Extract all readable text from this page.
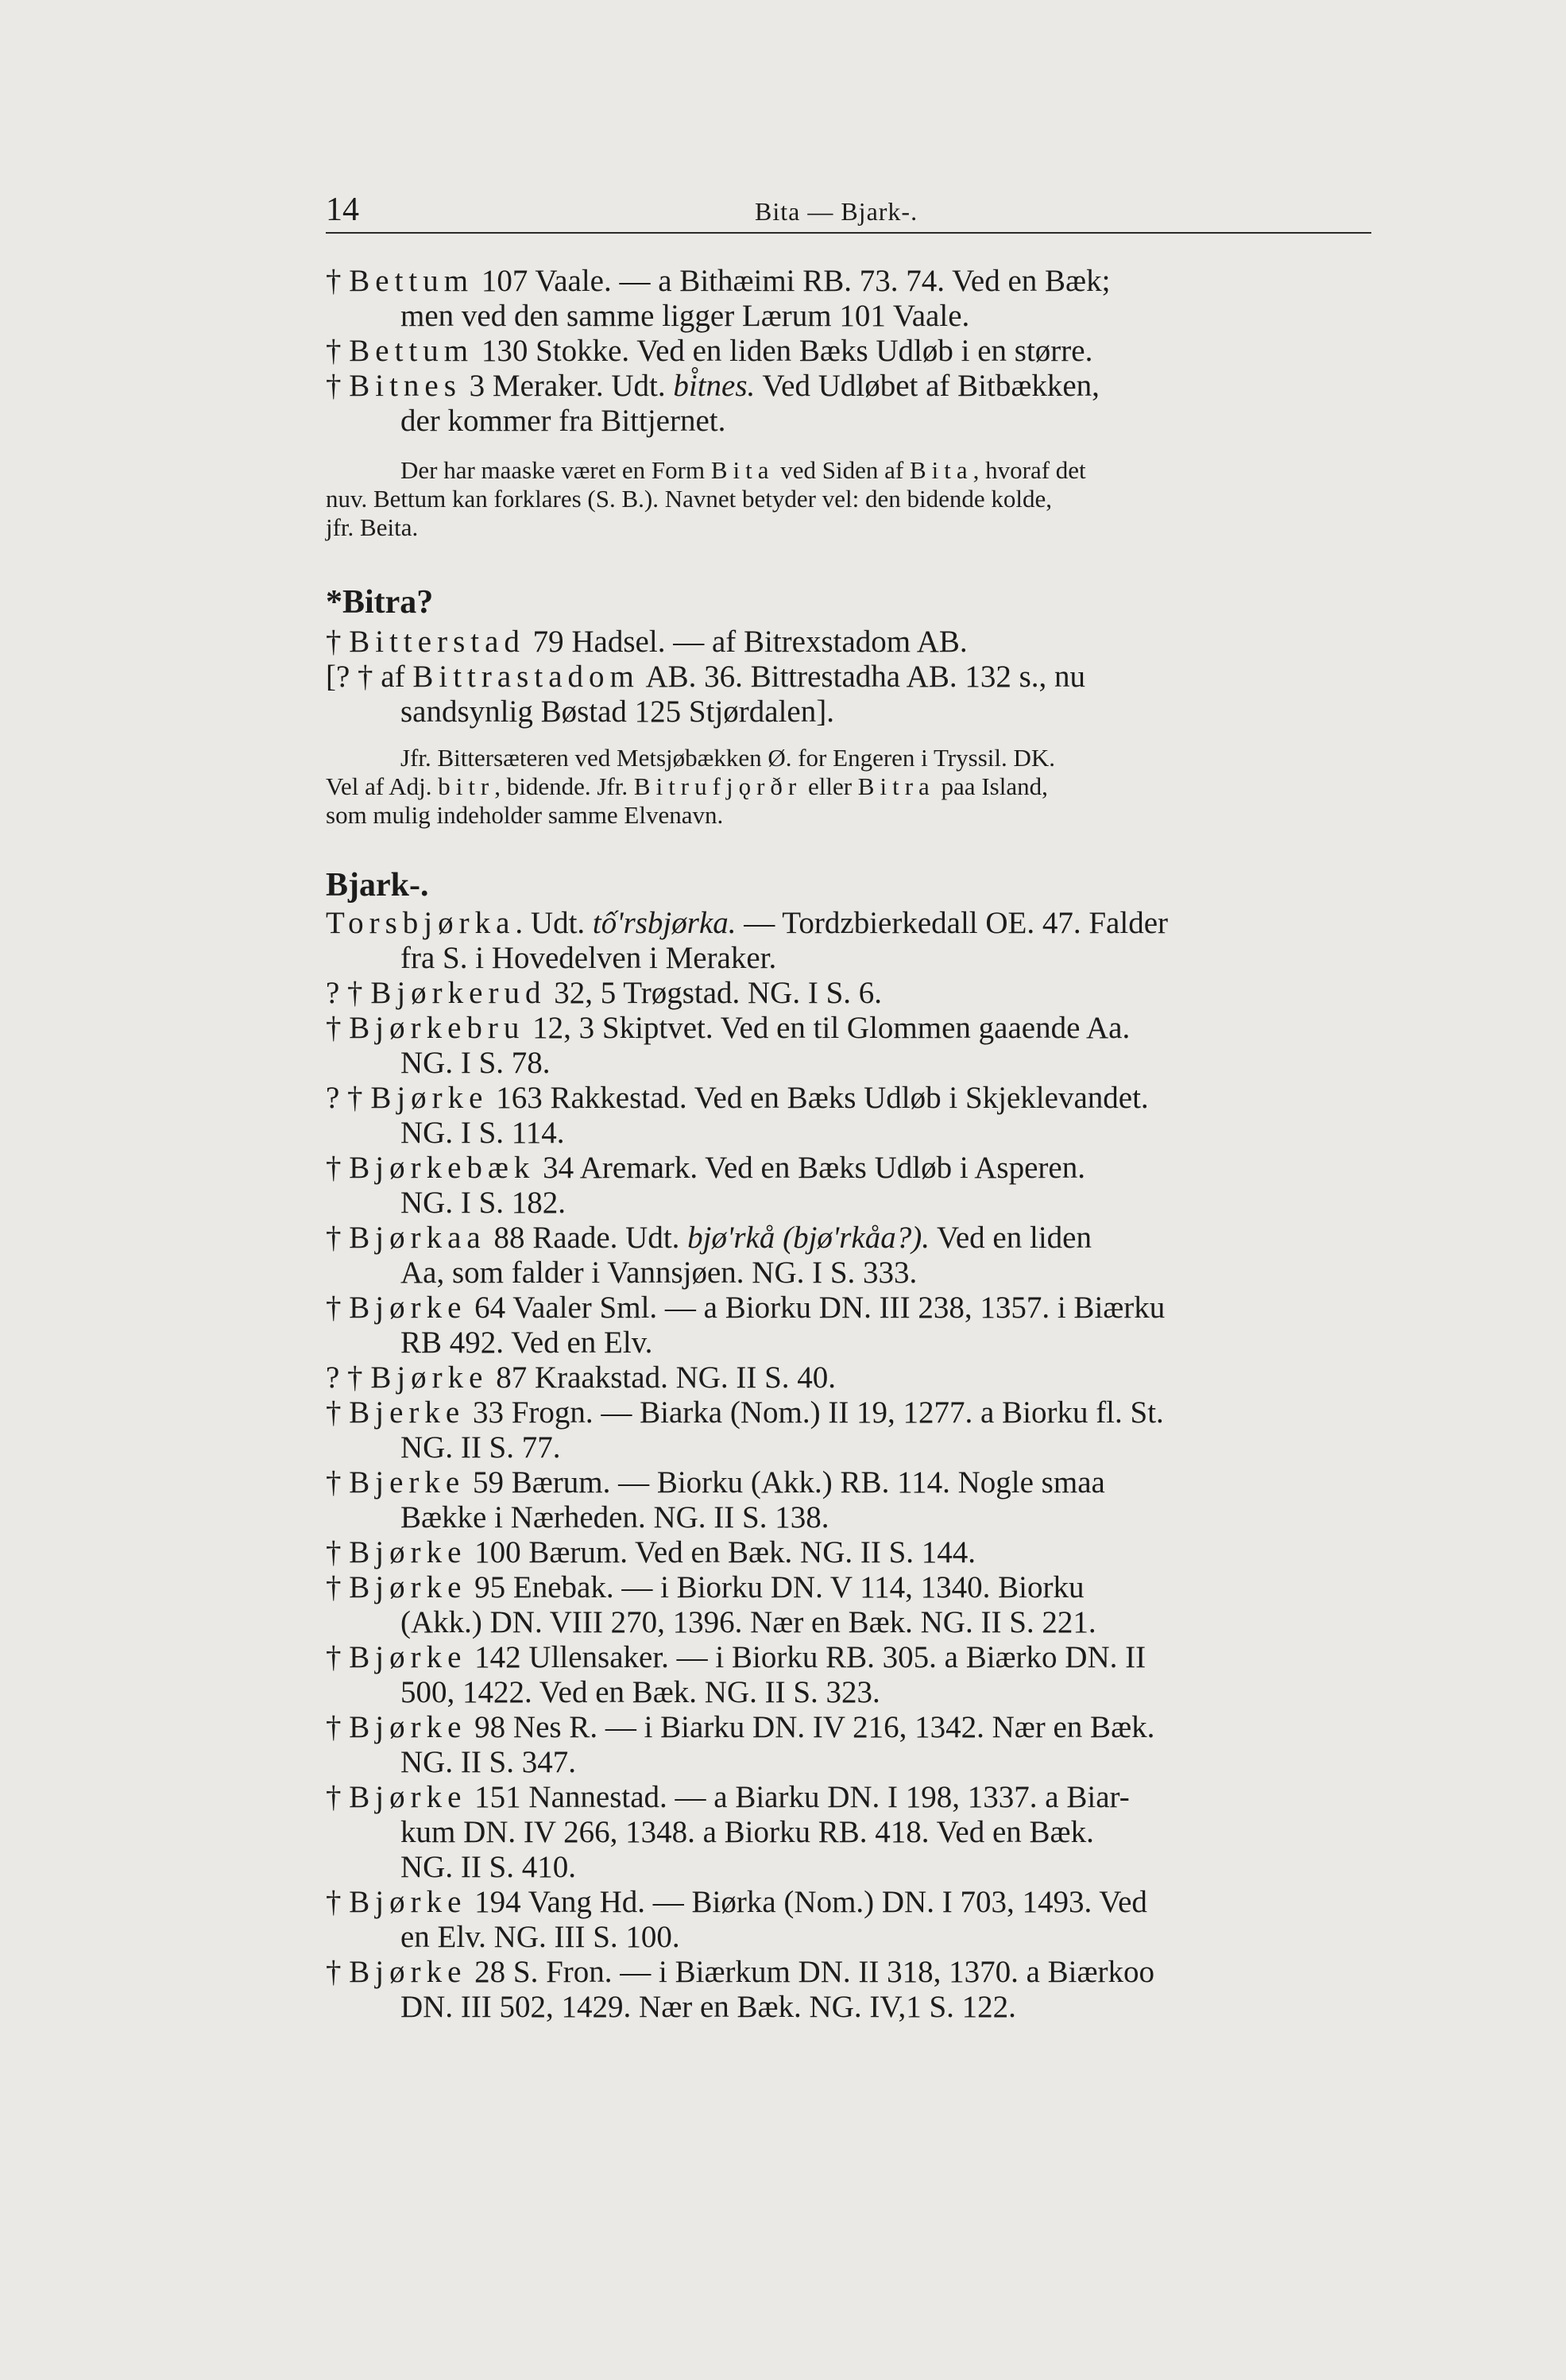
14	Bita — Bjark-.
† Bettum 107 Vaale. — a Bithæimi RB. 73. 74. Ved en Bæk;
men ved den samme ligger Lærum 101 Vaale.
† Bettum 130 Stokke. Ved en liden Bæks Udløb i en større.
† Bitnes 3 Meraker. Udt. bi̊tnes. Ved Udløbet af Bitbækken,
der kommer fra Bittjernet.
Der har maaske været en Form Bita ved Siden af Bita, hvoraf det
nuv. Bettum kan forklares (S. B.). Navnet betyder vel: den bidende kolde,
jfr. Beita.
*Bitra?
† Bitterstad 79 Hadsel. — af Bitrexstadom AB.
[? † af Bittrastadom AB. 36. Bittrestadha AB. 132 s., nu
sandsynlig Bøstad 125 Stjørdalen].
Jfr. Bittersæteren ved Metsjøbækken Ø. for Engeren i Tryssil. DK.
Vel af Adj. bitr, bidende. Jfr. Bitrufjǫrðr eller Bitra paa Island,
som mulig indeholder samme Elvenavn.
Bjark-.
Torsbjørka. Udt. tố'rsbjørka. — Tordzbierkedall OE. 47. Falder
fra S. i Hovedelven i Meraker.
? † Bjørkerud 32, 5 Trøgstad. NG. I S. 6.
† Bjørkebru 12, 3 Skiptvet. Ved en til Glommen gaaende Aa.
NG. I S. 78.
? † Bjørke 163 Rakkestad. Ved en Bæks Udløb i Skjeklevandet.
NG. I S. 114.
† Bjørkebæk 34 Aremark. Ved en Bæks Udløb i Asperen.
NG. I S. 182.
† Bjørkaa 88 Raade. Udt. bjø'rkå (bjø'rkåa?). Ved en liden
Aa, som falder i Vannsjøen. NG. I S. 333.
† Bjørke 64 Vaaler Sml. — a Biorku DN. III 238, 1357. i Biærku
RB 492. Ved en Elv.
? † Bjørke 87 Kraakstad. NG. II S. 40.
† Bjerke 33 Frogn. — Biarka (Nom.) II 19, 1277. a Biorku fl. St.
NG. II S. 77.
† Bjerke 59 Bærum. — Biorku (Akk.) RB. 114. Nogle smaa
Bække i Nærheden. NG. II S. 138.
† Bjørke 100 Bærum. Ved en Bæk. NG. II S. 144.
† Bjørke 95 Enebak. — i Biorku DN. V 114, 1340. Biorku
(Akk.) DN. VIII 270, 1396. Nær en Bæk. NG. II S. 221.
† Bjørke 142 Ullensaker. — i Biorku RB. 305. a Biærko DN. II
500, 1422. Ved en Bæk. NG. II S. 323.
† Bjørke 98 Nes R. — i Biarku DN. IV 216, 1342. Nær en Bæk.
NG. II S. 347.
† Bjørke 151 Nannestad. — a Biarku DN. I 198, 1337. a Biar-
kum DN. IV 266, 1348. a Biorku RB. 418. Ved en Bæk.
NG. II S. 410.
† Bjørke 194 Vang Hd. — Biørka (Nom.) DN. I 703, 1493. Ved
en Elv. NG. III S. 100.
† Bjørke 28 S. Fron. — i Biærkum DN. II 318, 1370. a Biærkoo
DN. III 502, 1429. Nær en Bæk. NG. IV,1 S. 122.
